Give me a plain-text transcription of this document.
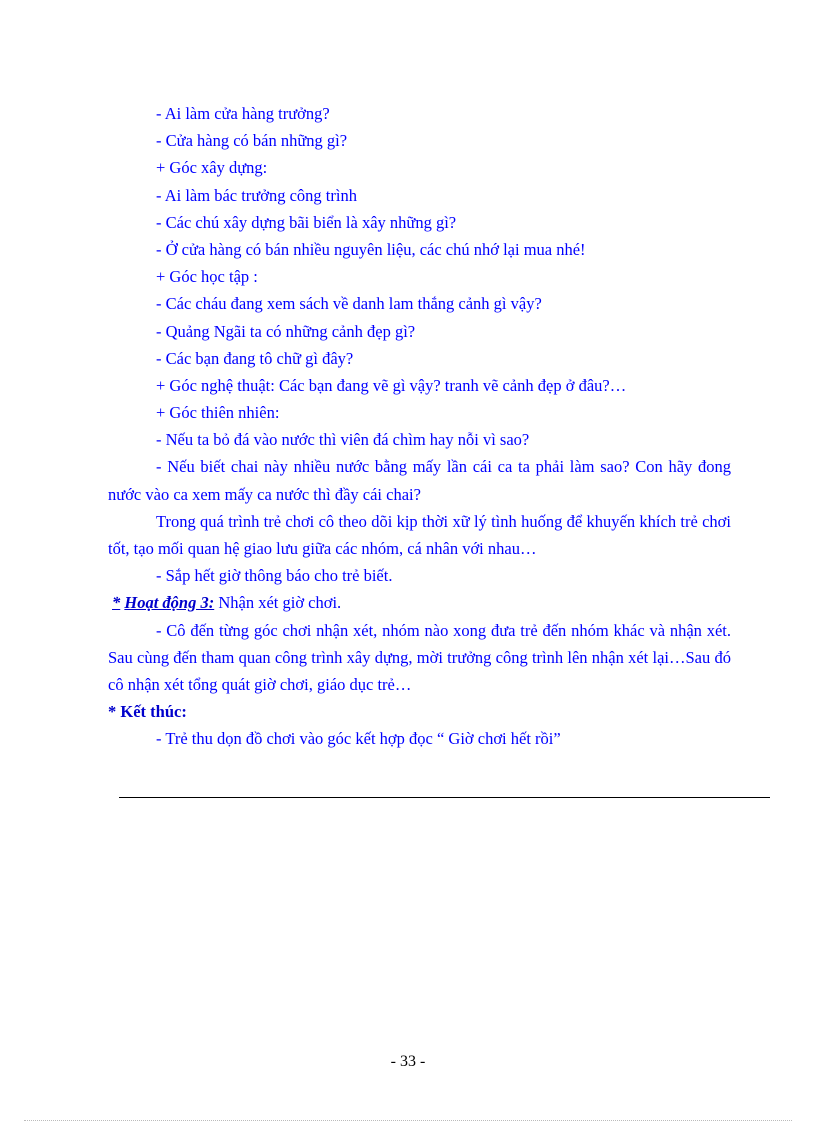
- Ai làm cửa hàng trưởng?
- Cửa hàng có bán những gì?
+ Góc xây dựng:
- Ai làm bác trưởng công trình
- Các chú xây dựng bãi biển là xây những gì?
- Ở cửa hàng có bán nhiều nguyên liệu, các chú nhớ lại mua nhé!
+ Góc học tập :
- Các cháu đang xem sách về danh lam thắng cảnh gì vậy?
- Quảng Ngãi ta có những cảnh đẹp gì?
- Các bạn đang tô chữ gì đây?
+ Góc nghệ thuật: Các bạn đang vẽ gì vậy? tranh vẽ cảnh đẹp ở đâu?…
+ Góc thiên nhiên:
- Nếu ta bỏ đá vào nước thì viên đá chìm hay nỗi vì sao?
- Nếu biết chai này nhiều nước bằng mấy lần cái ca ta phải làm sao? Con hãy đong nước vào ca xem mấy ca nước thì đầy cái chai?
Trong quá trình trẻ chơi cô theo dõi kịp thời xữ lý tình huống để khuyến khích trẻ chơi tốt, tạo mối quan hệ giao lưu giữa các nhóm, cá nhân với nhau…
- Sắp hết giờ thông báo cho trẻ biết.
* Hoạt động 3: Nhận xét giờ chơi.
- Cô đến từng góc chơi nhận xét, nhóm nào xong đưa trẻ đến nhóm khác và nhận xét. Sau cùng đến tham quan công trình xây dựng, mời trưởng công trình lên nhận xét lại…Sau đó cô nhận xét tổng quát giờ chơi, giáo dục trẻ…
* Kết thúc:
- Trẻ thu dọn đồ chơi vào góc kết hợp đọc “ Giờ chơi hết rồi”
- 33 -
